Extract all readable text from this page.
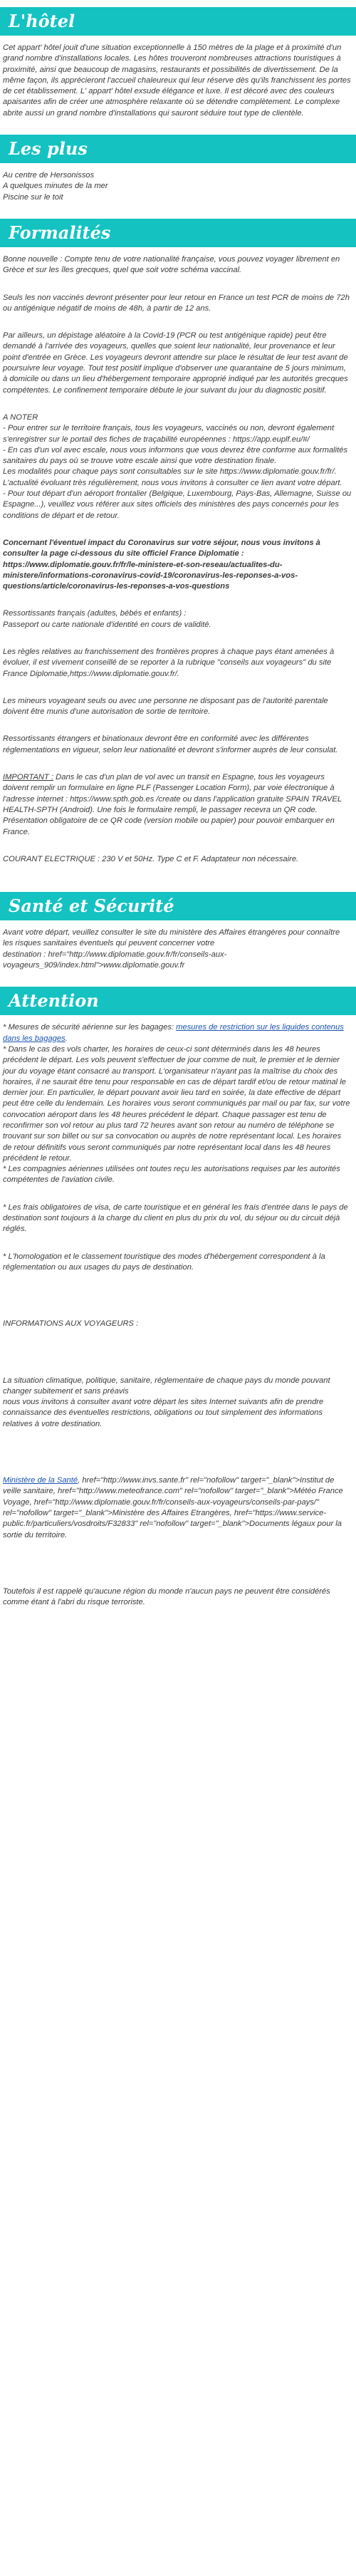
L'hôtel

Cet appart' hôtel jouit d'une situation exceptionnelle à 150 mètres de la plage et à proximité d'un grand nombre d'installations locales. Les hôtes trouveront nombreuses attractions touristiques à proximité, ainsi que beaucoup de magasins, restaurants et possibilités de divertissement. De la même façon, ils apprécieront l'accueil chaleureux qui leur réserve dès qu'ils franchissent les portes de cet établissement. L' appart' hôtel exsude élégance et luxe. Il est décoré avec des couleurs apaisantes afin de créer une atmosphère relaxante où se détendre complètement. Le complexe abrite aussi un grand nombre d'installations qui sauront séduire tout type de clientèle.

Les plus

Au centre de Hersonissos
A quelques minutes de la mer
Piscine sur le toit

Formalités

Bonne nouvelle : Compte tenu de votre nationalité française, vous pouvez voyager librement en Grèce et sur les îles grecques, quel que soit votre schéma vaccinal.

Seuls les non vaccinés devront présenter pour leur retour en France un test PCR de moins de 72h ou antigénique négatif de moins de 48h, à partir de 12 ans.

Par ailleurs, un dépistage aléatoire à la Covid-19 (PCR ou test antigénique rapide) peut être demandé à l'arrivée des voyageurs, quelles que soient leur nationalité, leur provenance et leur point d'entrée en Grèce. Les voyageurs devront attendre sur place le résultat de leur test avant de poursuivre leur voyage. Tout test positif implique d'observer une quarantaine de 5 jours minimum, à domicile ou dans un lieu d'hébergement temporaire approprié indiqué par les autorités grecques compétentes. Le confinement temporaire débute le jour suivant du jour du diagnostic positif.

A NOTER
- Pour entrer sur le territoire français, tous les voyageurs, vaccinés ou non, devront également s'enregistrer sur le portail des fiches de traçabilité européennes : https://app.euplf.eu/#/
- En cas d'un vol avec escale, nous vous informons que vous devrez être conforme aux formalités sanitaires du pays où se trouve votre escale ainsi que votre destination finale.
Les modalités pour chaque pays sont consultables sur le site https://www.diplomatie.gouv.fr/fr/. L'actualité évoluant très régulièrement, nous vous invitons à consulter ce lien avant votre départ.
- Pour tout départ d'un aéroport frontalier (Belgique, Luxembourg, Pays-Bas, Allemagne, Suisse ou Espagne...), veuillez vous référer aux sites officiels des ministères des pays concernés pour les conditions de départ et de retour.

Concernant l'éventuel impact du Coronavirus sur votre séjour, nous vous invitons à consulter la page ci-dessous du site officiel France Diplomatie : https://www.diplomatie.gouv.fr/fr/le-ministere-et-son-reseau/actualites-du-ministere/informations-coronavirus-covid-19/coronavirus-les-reponses-a-vos-questions/article/coronavirus-les-reponses-a-vos-questions

Ressortissants français (adultes, bébés et enfants) :
Passeport ou carte nationale d'identité en cours de validité.

Les règles relatives au franchissement des frontières propres à chaque pays étant amenées à évoluer, il est vivement conseillé de se reporter à la rubrique "conseils aux voyageurs" du site France Diplomatie,https://www.diplomatie.gouv.fr/.

Les mineurs voyageant seuls ou avec une personne ne disposant pas de l'autorité parentale doivent être munis d'une autorisation de sortie de territoire.

Ressortissants étrangers et binationaux devront être en conformité avec les différentes réglementations en vigueur, selon leur nationalité et devront s'informer auprès de leur consulat.

IMPORTANT : Dans le cas d'un plan de vol avec un transit en Espagne, tous les voyageurs doivent remplir un formulaire en ligne PLF (Passenger Location Form), par voie électronique à l'adresse internet : https://www.spth.gob.es /create ou dans l'application gratuite SPAIN TRAVEL HEALTH-SPTH (Android). Une fois le formulaire rempli, le passager recevra un QR code. Présentation obligatoire de ce QR code (version mobile ou papier) pour pouvoir embarquer en France.

COURANT ELECTRIQUE : 230 V et 50Hz. Type C et F. Adaptateur non nécessaire.

Santé et Sécurité

Avant votre départ, veuillez consulter le site du ministère des Affaires étrangères pour connaître les risques sanitaires éventuels qui peuvent concerner votre
destination : href="http://www.diplomatie.gouv.fr/fr/conseils-aux-voyageurs_909/index.html">www.diplomatie.gouv.fr

Attention

* Mesures de sécurité aérienne sur les bagages: mesures de restriction sur les liquides contenus dans les bagages.

* Dans le cas des vols charter, les horaires de ceux-ci sont déterminés dans les 48 heures précédent le départ. Les vols peuvent s'effectuer de jour comme de nuit, le premier et le dernier jour du voyage étant consacré au transport. L'organisateur n'ayant pas la maîtrise du choix des horaires, il ne saurait être tenu pour responsable en cas de départ tardif et/ou de retour matinal le dernier jour. En particulier, le départ pouvant avoir lieu tard en soirée, la date effective de départ peut être celle du lendemain. Les horaires vous seront communiqués par mail ou par fax, sur votre convocation aéroport dans les 48 heures précédent le départ. Chaque passager est tenu de reconfirmer son vol retour au plus tard 72 heures avant son retour au numéro de téléphone se trouvant sur son billet ou sur sa convocation ou auprès de notre représentant local. Les horaires de retour définitifs vous seront communiqués par notre représentant local dans les 48 heures précédent le retour.
* Les compagnies aériennes utilisées ont toutes reçu les autorisations requises par les autorités compétentes de l'aviation civile.

* Les frais obligatoires de visa, de carte touristique et en général les frais d'entrée dans le pays de destination sont toujours à la charge du client en plus du prix du vol, du séjour ou du circuit déjà réglés.

* L'homologation et le classement touristique des modes d'hébergement correspondent à la réglementation ou aux usages du pays de destination.

INFORMATIONS AUX VOYAGEURS :

La situation climatique, politique, sanitaire, réglementaire de chaque pays du monde pouvant changer subitement et sans préavis
nous vous invitons à consulter avant votre départ les sites Internet suivants afin de prendre connaissance des éventuelles restrictions, obligations ou tout simplement des informations relatives à votre destination.

Ministère de la Santé, href="http://www.invs.sante.fr" rel="nofollow" target="_blank">Institut de veille sanitaire, href="http://www.meteofrance.com" rel="nofollow" target="_blank">Météo France Voyage, href="http://www.diplomatie.gouv.fr/fr/conseils-aux-voyageurs/conseils-par-pays/" rel="nofollow" target="_blank">Ministère des Affaires Etrangères, href="https://www.service-public.fr/particuliers/vosdroits/F32833" rel="nofollow" target="_blank">Documents légaux pour la sortie du territoire.

Toutefois il est rappelé qu'aucune région du monde n'aucun pays ne peuvent être considérés comme étant à l'abri du risque terroriste.
